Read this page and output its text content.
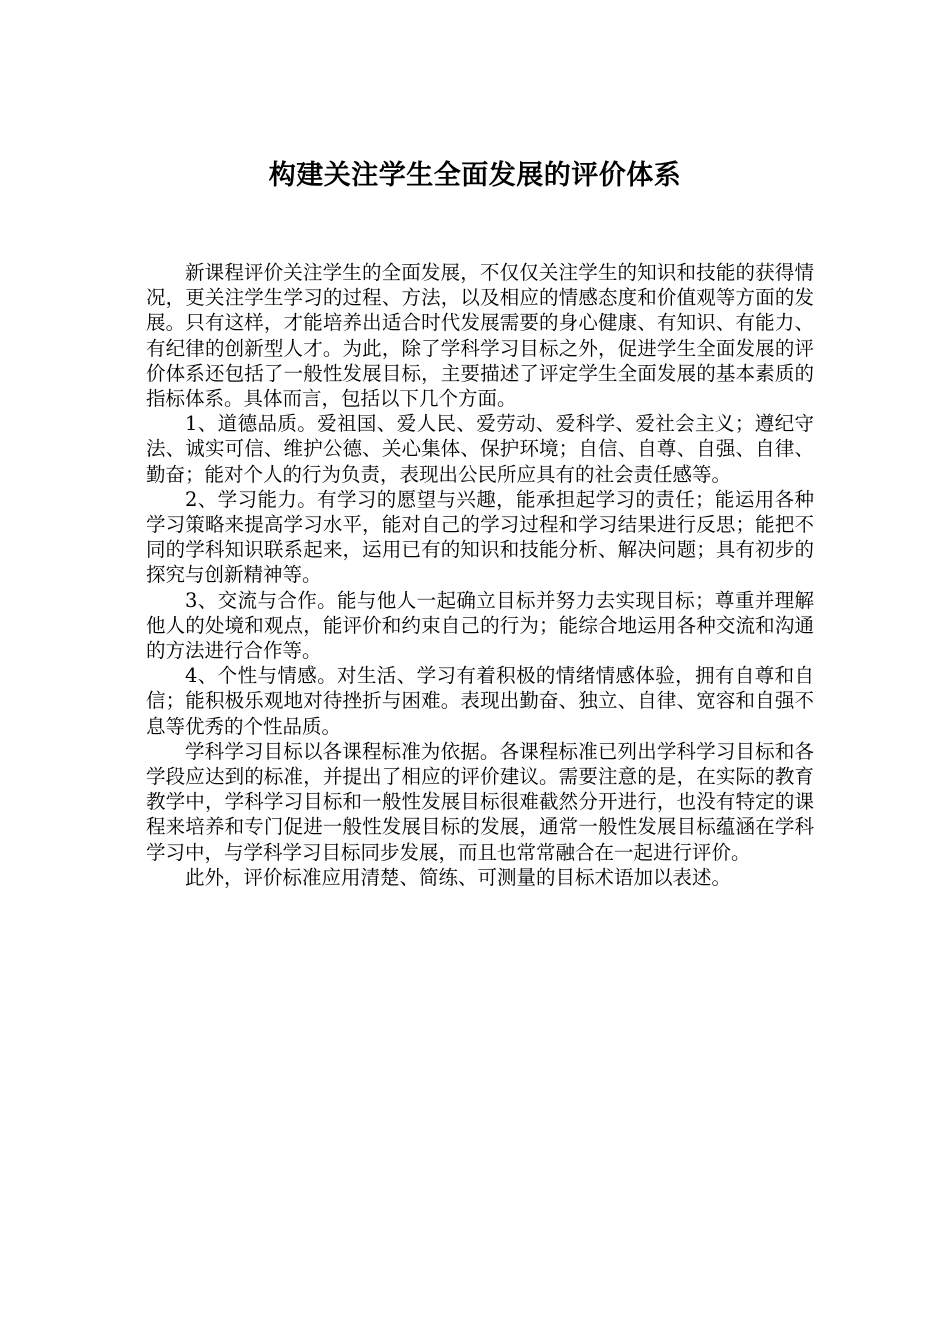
构建关注学生全面发展的评价体系

新课程评价关注学生的全面发展，不仅仅关注学生的知识和技能的获得情况，更关注学生学习的过程、方法，以及相应的情感态度和价值观等方面的发展。只有这样，才能培养出适合时代发展需要的身心健康、有知识、有能力、有纪律的创新型人才。为此，除了学科学习目标之外，促进学生全面发展的评价体系还包括了一般性发展目标，主要描述了评定学生全面发展的基本素质的指标体系。具体而言，包括以下几个方面。

1、道德品质。爱祖国、爱人民、爱劳动、爱科学、爱社会主义；遵纪守法、诚实可信、维护公德、关心集体、保护环境；自信、自尊、自强、自律、勤奋；能对个人的行为负责，表现出公民所应具有的社会责任感等。

2、学习能力。有学习的愿望与兴趣，能承担起学习的责任；能运用各种学习策略来提高学习水平，能对自己的学习过程和学习结果进行反思；能把不同的学科知识联系起来，运用已有的知识和技能分析、解决问题；具有初步的探究与创新精神等。

3、交流与合作。能与他人一起确立目标并努力去实现目标；尊重并理解他人的处境和观点，能评价和约束自己的行为；能综合地运用各种交流和沟通的方法进行合作等。

4、个性与情感。对生活、学习有着积极的情绪情感体验，拥有自尊和自信；能积极乐观地对待挫折与困难。表现出勤奋、独立、自律、宽容和自强不息等优秀的个性品质。

学科学习目标以各课程标准为依据。各课程标准已列出学科学习目标和各学段应达到的标准，并提出了相应的评价建议。需要注意的是，在实际的教育教学中，学科学习目标和一般性发展目标很难截然分开进行，也没有特定的课程来培养和专门促进一般性发展目标的发展，通常一般性发展目标蕴涵在学科学习中，与学科学习目标同步发展，而且也常常融合在一起进行评价。

此外，评价标准应用清楚、简练、可测量的目标术语加以表述。
